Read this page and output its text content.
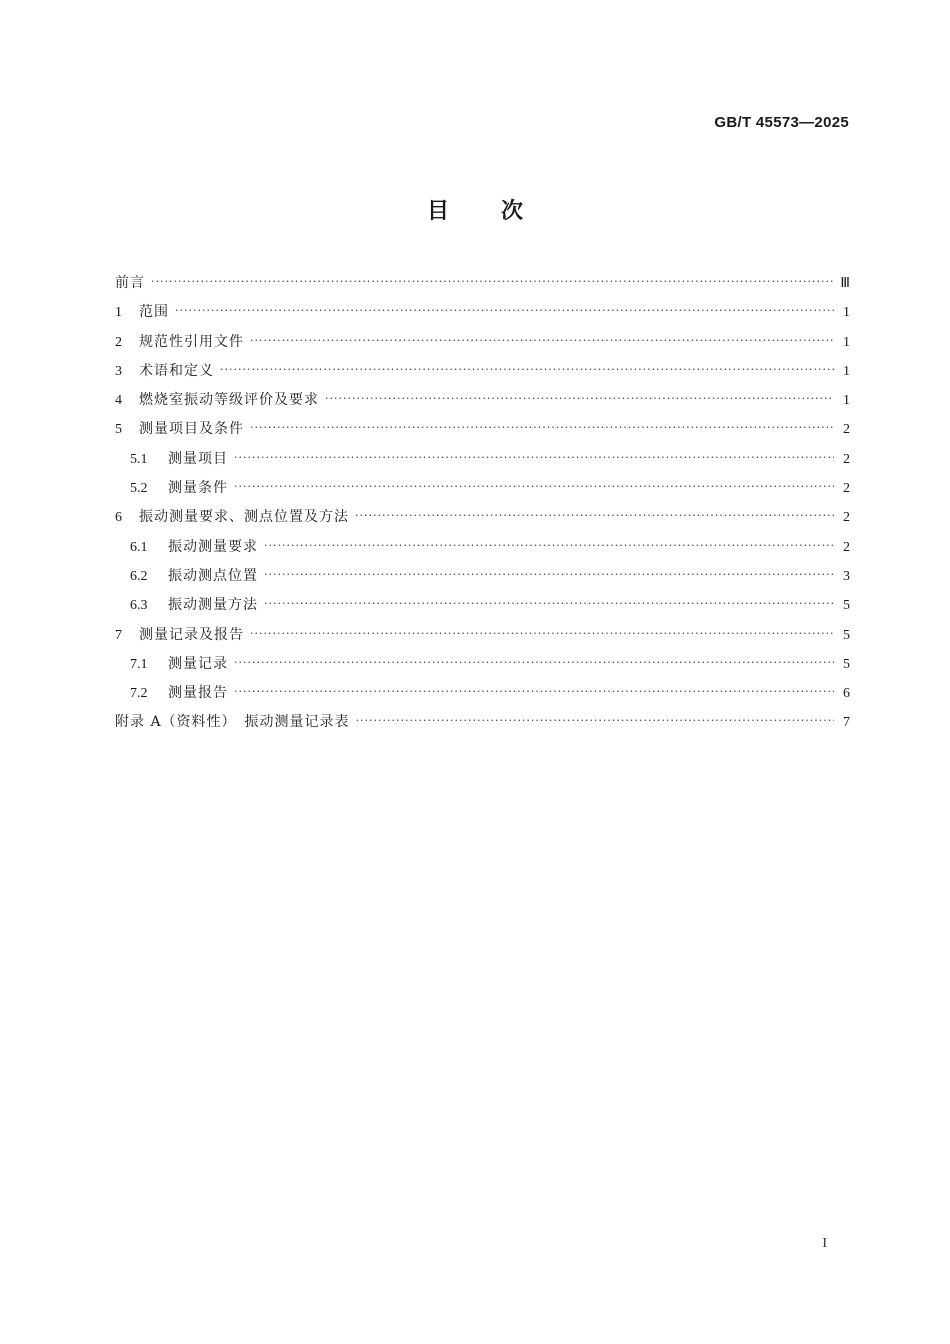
GB/T 45573—2025
目 次
前言 ·····	Ⅲ
1	范围 ·····	1
2	规范性引用文件 ·····	1
3	术语和定义 ·····	1
4	燃烧室振动等级评价及要求 ·····	1
5	测量项目及条件 ·····	2
5.1	测量项目 ·····	2
5.2	测量条件 ·····	2
6	振动测量要求、测点位置及方法 ·····	2
6.1	振动测量要求 ·····	2
6.2	振动测点位置 ·····	3
6.3	振动测量方法 ·····	5
7	测量记录及报告 ·····	5
7.1	测量记录 ·····	5
7.2	测量报告 ·····	6
附录 A（资料性）　振动测量记录表 ·····	7
I
